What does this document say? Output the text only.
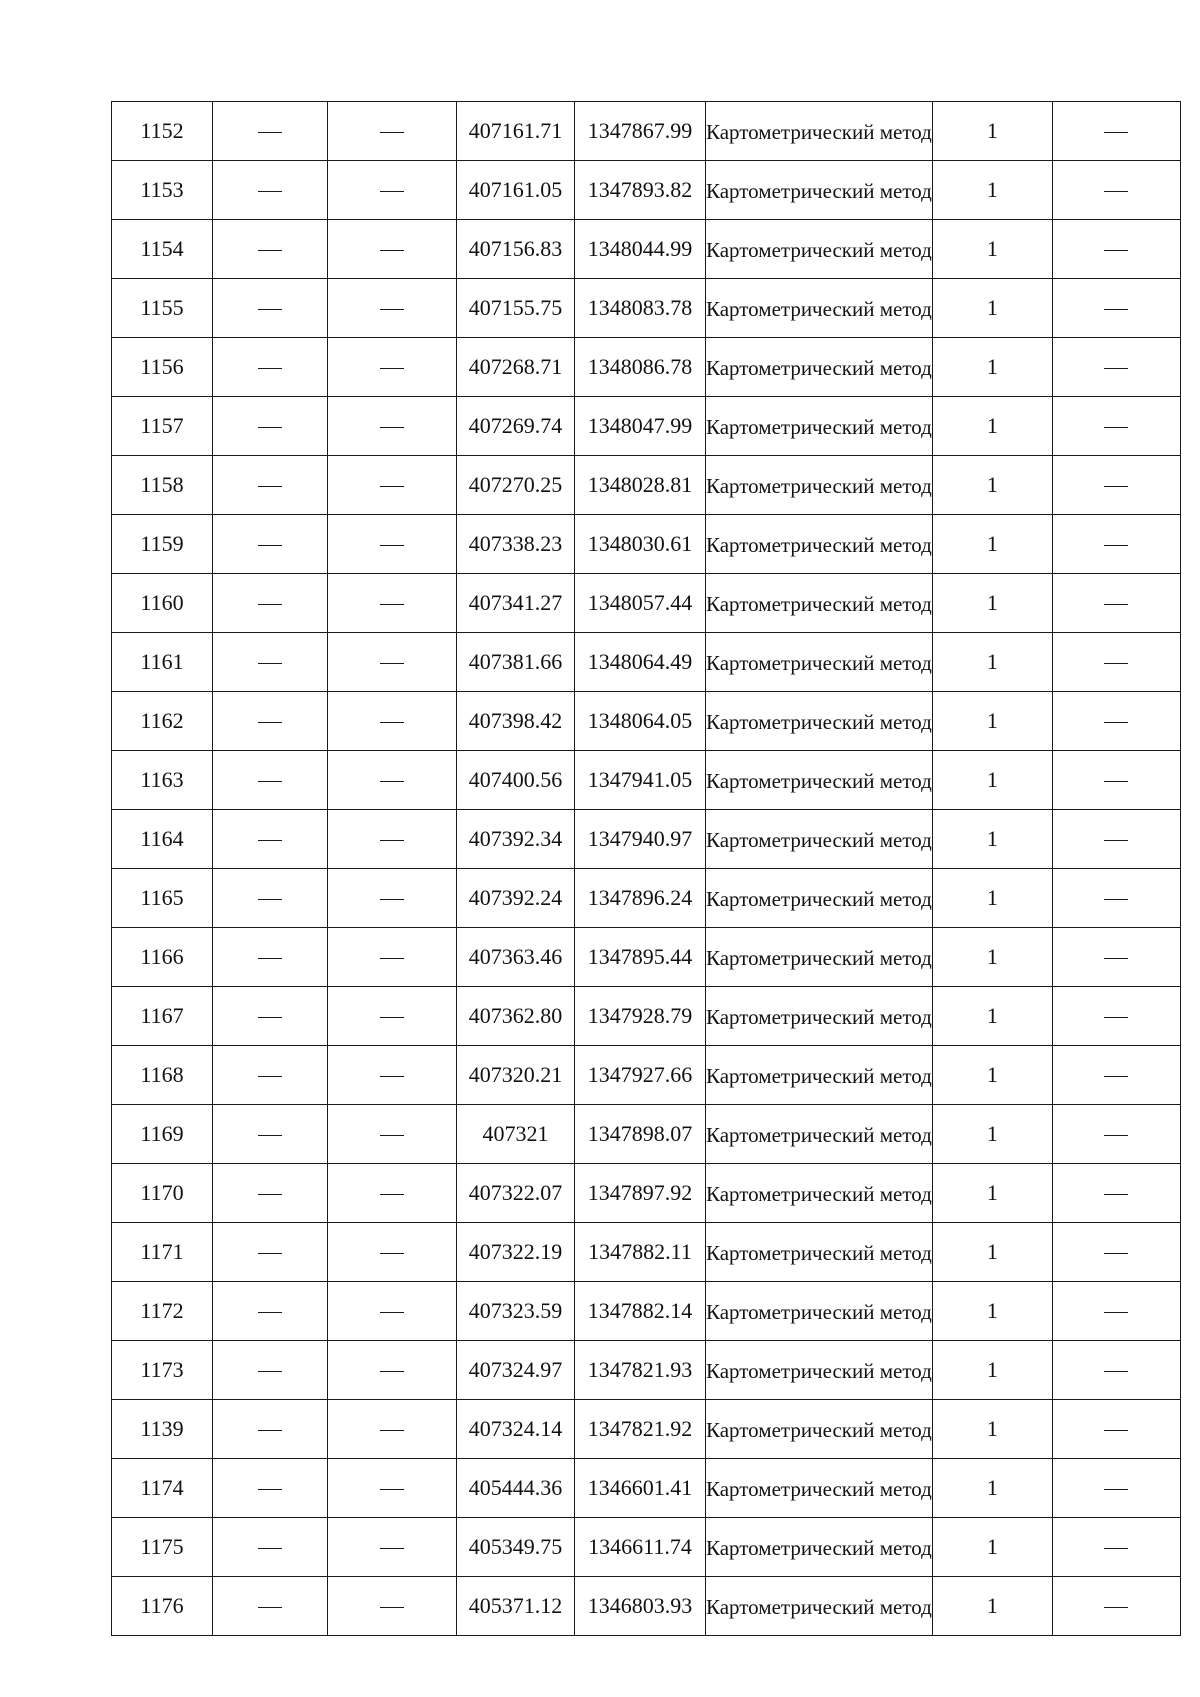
1152			407161.71	1347867.99	Картометрический метод	1	
1153			407161.05	1347893.82	Картометрический метод	1	
1154			407156.83	1348044.99	Картометрический метод	1	
1155			407155.75	1348083.78	Картометрический метод	1	
1156			407268.71	1348086.78	Картометрический метод	1	
1157			407269.74	1348047.99	Картометрический метод	1	
1158			407270.25	1348028.81	Картометрический метод	1	
1159			407338.23	1348030.61	Картометрический метод	1	
1160			407341.27	1348057.44	Картометрический метод	1	
1161			407381.66	1348064.49	Картометрический метод	1	
1162			407398.42	1348064.05	Картометрический метод	1	
1163			407400.56	1347941.05	Картометрический метод	1	
1164			407392.34	1347940.97	Картометрический метод	1	
1165			407392.24	1347896.24	Картометрический метод	1	
1166			407363.46	1347895.44	Картометрический метод	1	
1167			407362.80	1347928.79	Картометрический метод	1	
1168			407320.21	1347927.66	Картометрический метод	1	
1169			407321	1347898.07	Картометрический метод	1	
1170			407322.07	1347897.92	Картометрический метод	1	
1171			407322.19	1347882.11	Картометрический метод	1	
1172			407323.59	1347882.14	Картометрический метод	1	
1173			407324.97	1347821.93	Картометрический метод	1	
1139			407324.14	1347821.92	Картометрический метод	1	
1174			405444.36	1346601.41	Картометрический метод	1	
1175			405349.75	1346611.74	Картометрический метод	1	
1176			405371.12	1346803.93	Картометрический метод	1	
